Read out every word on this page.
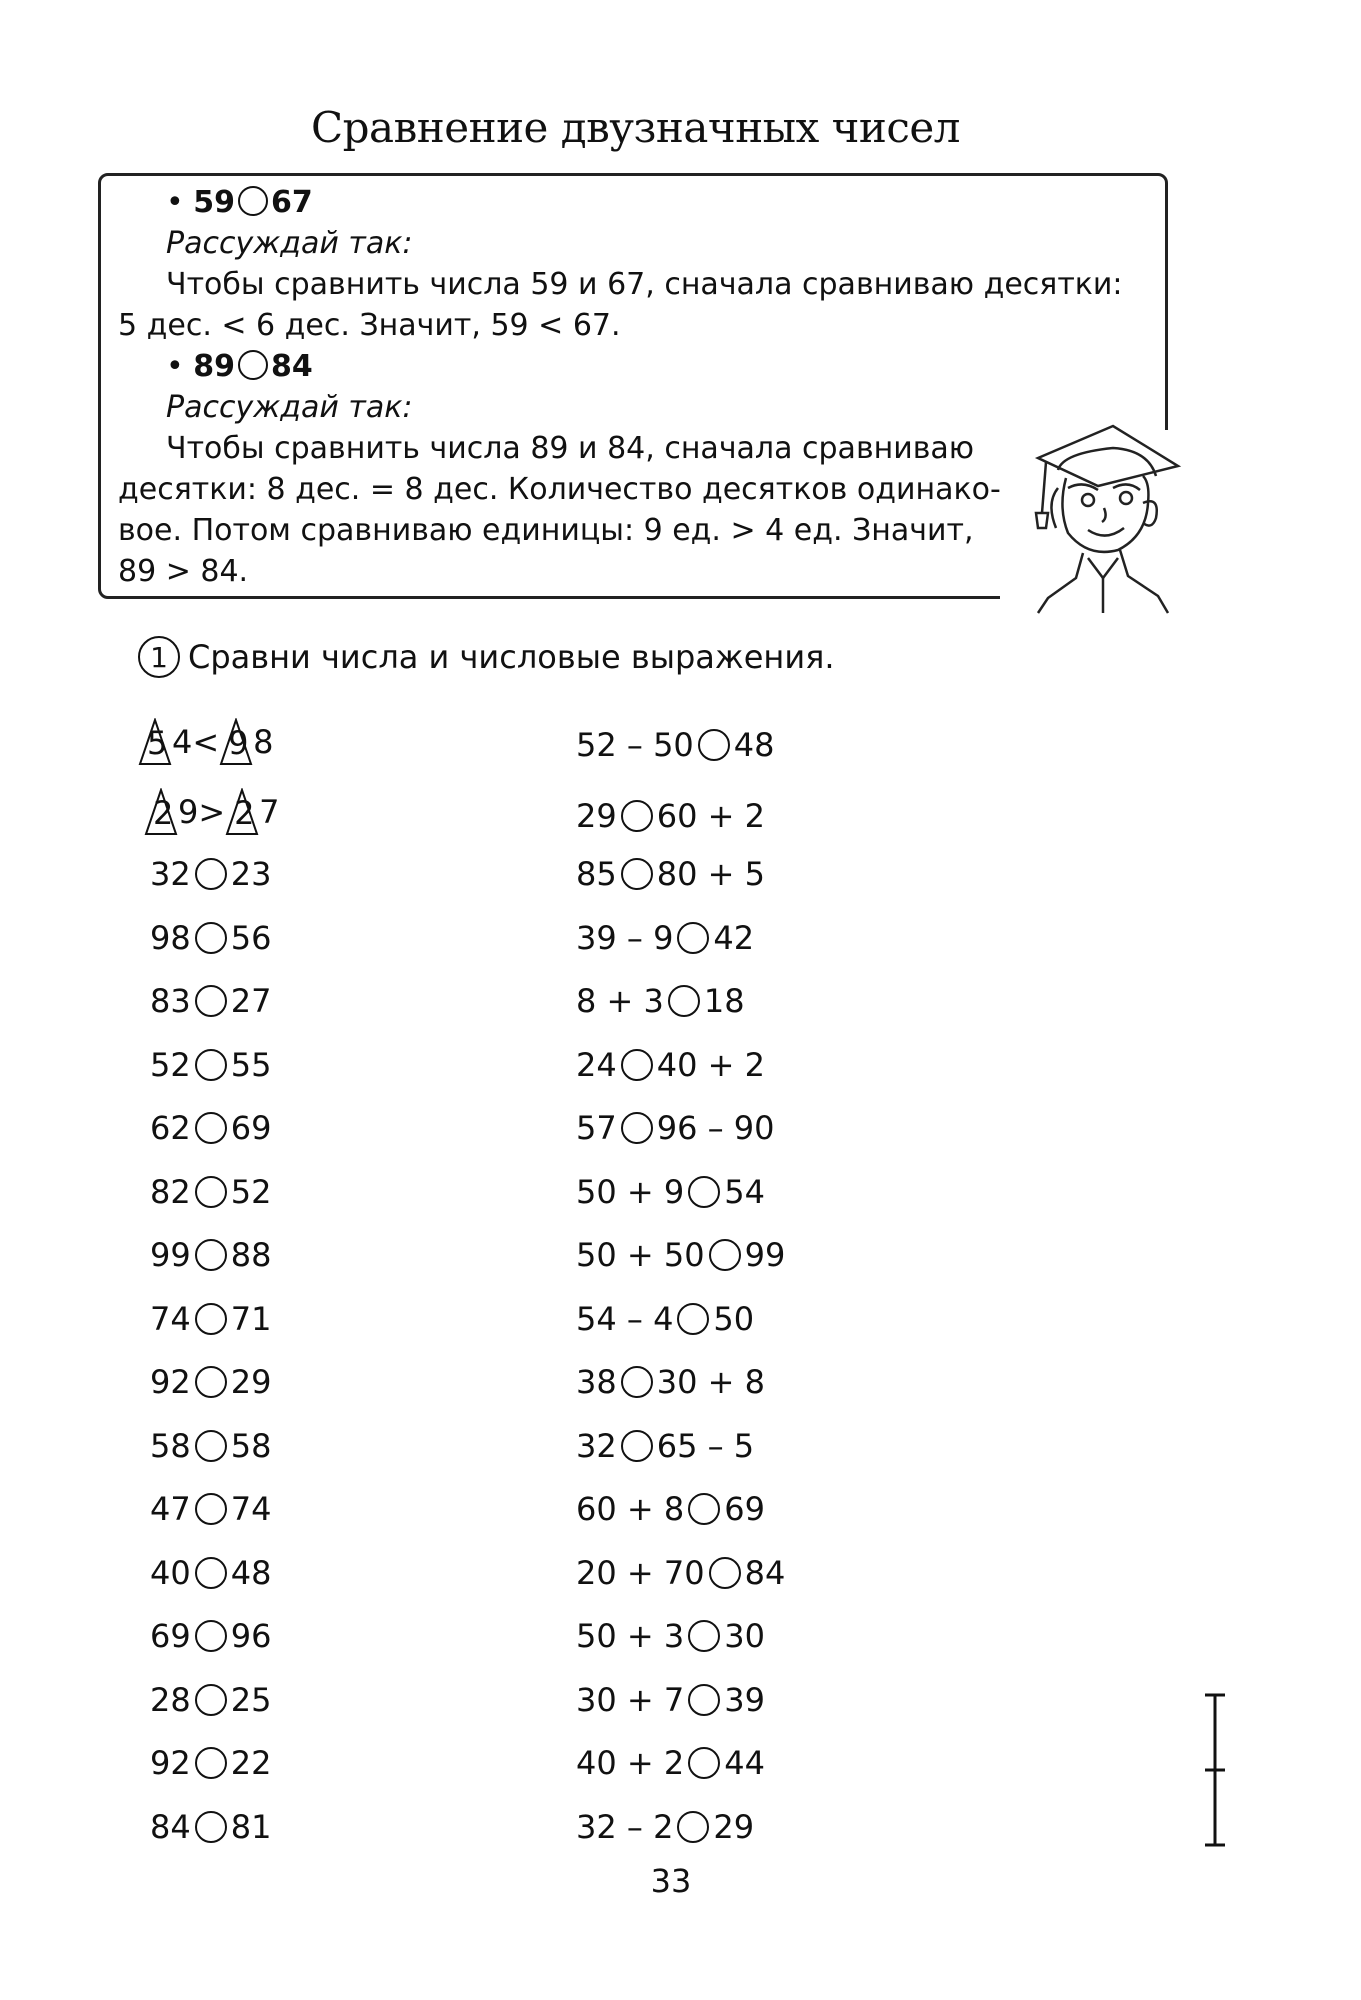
Сравнение двузначных чисел
• 59 67
Рассуждай так:
Чтобы сравнить числа 59 и 67, сначала сравниваю десятки:
5 дес. < 6 дес. Значит, 59 < 67.
• 89 84
Рассуждай так:
Чтобы сравнить числа 89 и 84, сначала сравниваю
десятки: 8 дес. = 8 дес. Количество десятков одинако-
вое. Потом сравниваю единицы: 9 ед. > 4 ед. Значит,
89 > 84.
1 Сравни числа и числовые выражения.
5 4< 9 8
2 9> 2 7
32 23
98 56
83 27
52 55
62 69
82 52
99 88
74 71
92 29
58 58
47 74
40 48
69 96
28 25
92 22
84 81
52 – 50 48
29 60 + 2
85 80 + 5
39 – 9 42
8 + 3 18
24 40 + 2
57 96 – 90
50 + 9 54
50 + 50 99
54 – 4 50
38 30 + 8
32 65 – 5
60 + 8 69
20 + 70 84
50 + 3 30
30 + 7 39
40 + 2 44
32 – 2 29
33
